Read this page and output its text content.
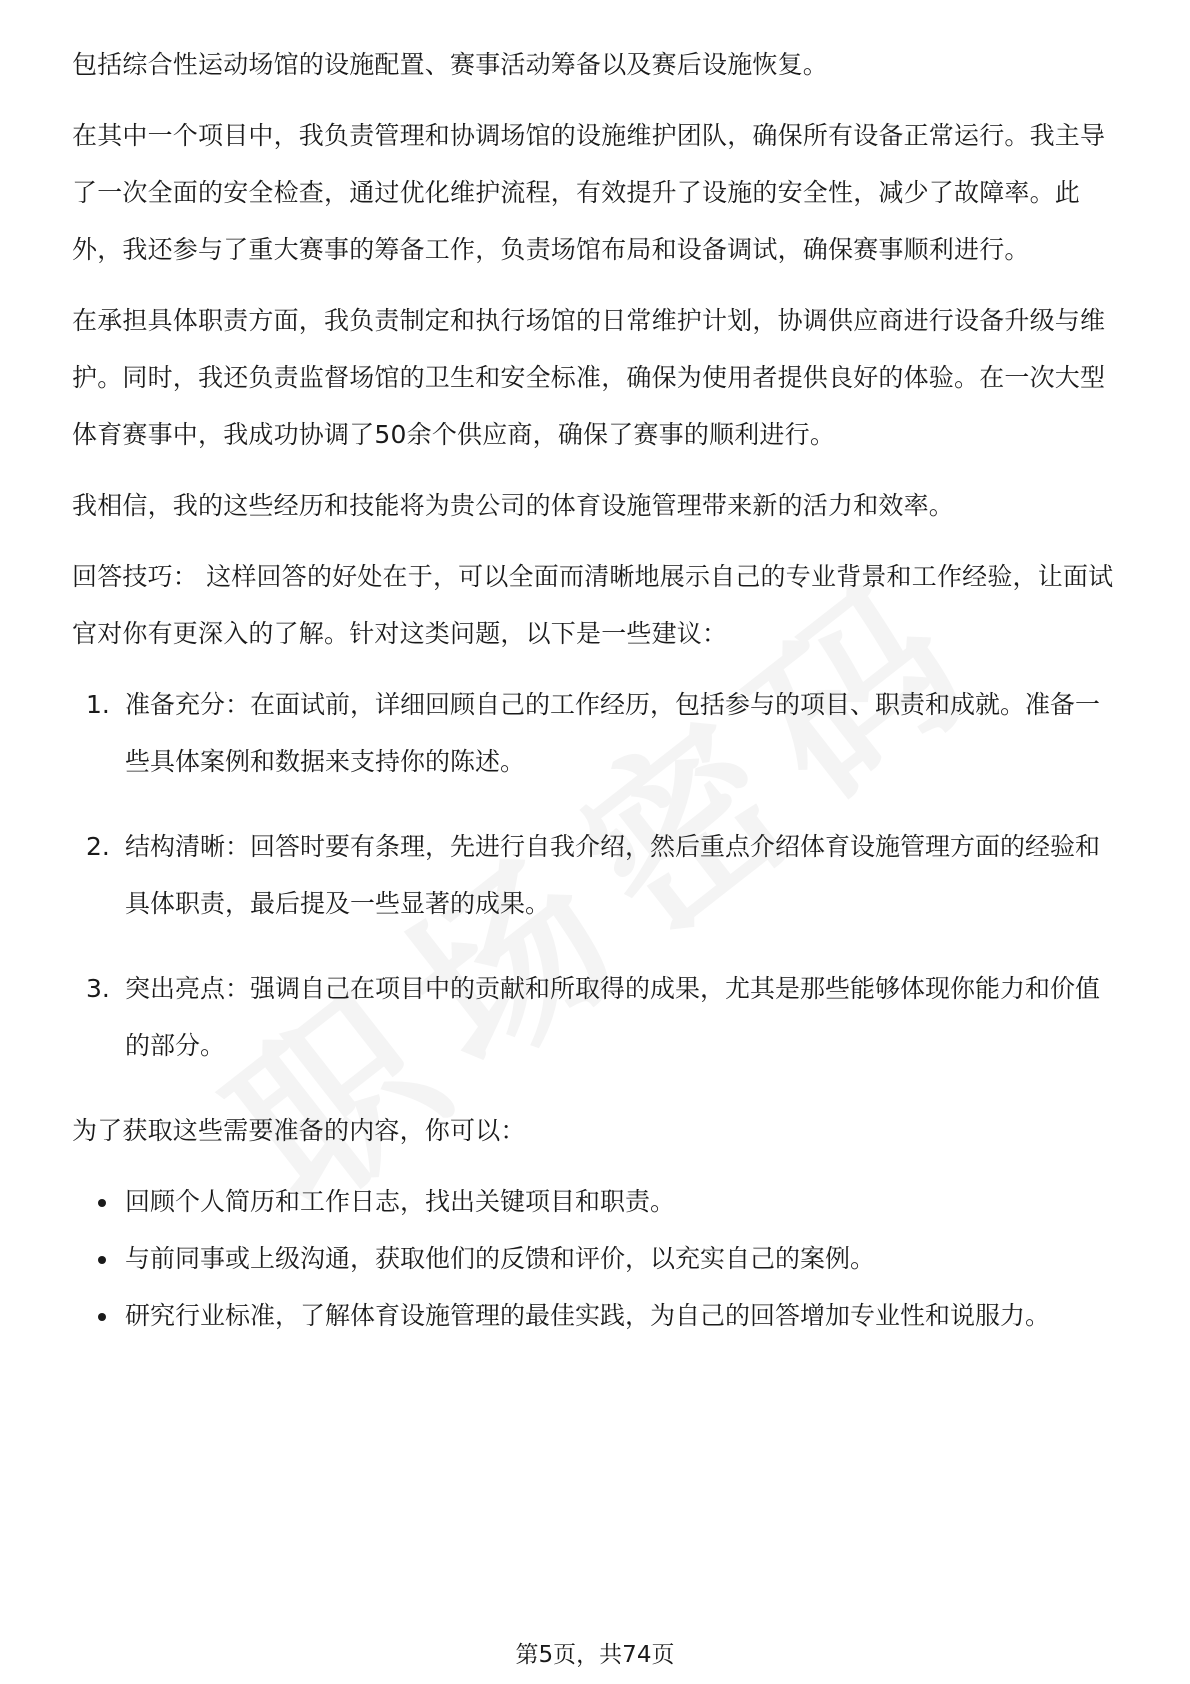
包括综合性运动场馆的设施配置、赛事活动筹备以及赛后设施恢复。

在其中一个项目中，我负责管理和协调场馆的设施维护团队，确保所有设备正常运行。我主导了一次全面的安全检查，通过优化维护流程，有效提升了设施的安全性，减少了故障率。此外，我还参与了重大赛事的筹备工作，负责场馆布局和设备调试，确保赛事顺利进行。

在承担具体职责方面，我负责制定和执行场馆的日常维护计划，协调供应商进行设备升级与维护。同时，我还负责监督场馆的卫生和安全标准，确保为使用者提供良好的体验。在一次大型体育赛事中，我成功协调了50余个供应商，确保了赛事的顺利进行。

我相信，我的这些经历和技能将为贵公司的体育设施管理带来新的活力和效率。

回答技巧： 这样回答的好处在于，可以全面而清晰地展示自己的专业背景和工作经验，让面试官对你有更深入的了解。针对这类问题，以下是一些建议：

1. 准备充分：在面试前，详细回顾自己的工作经历，包括参与的项目、职责和成就。准备一些具体案例和数据来支持你的陈述。
2. 结构清晰：回答时要有条理，先进行自我介绍，然后重点介绍体育设施管理方面的经验和具体职责，最后提及一些显著的成果。
3. 突出亮点：强调自己在项目中的贡献和所取得的成果，尤其是那些能够体现你能力和价值的部分。

为了获取这些需要准备的内容，你可以：

回顾个人简历和工作日志，找出关键项目和职责。
与前同事或上级沟通，获取他们的反馈和评价，以充实自己的案例。
研究行业标准，了解体育设施管理的最佳实践，为自己的回答增加专业性和说服力。
第5页，共74页
